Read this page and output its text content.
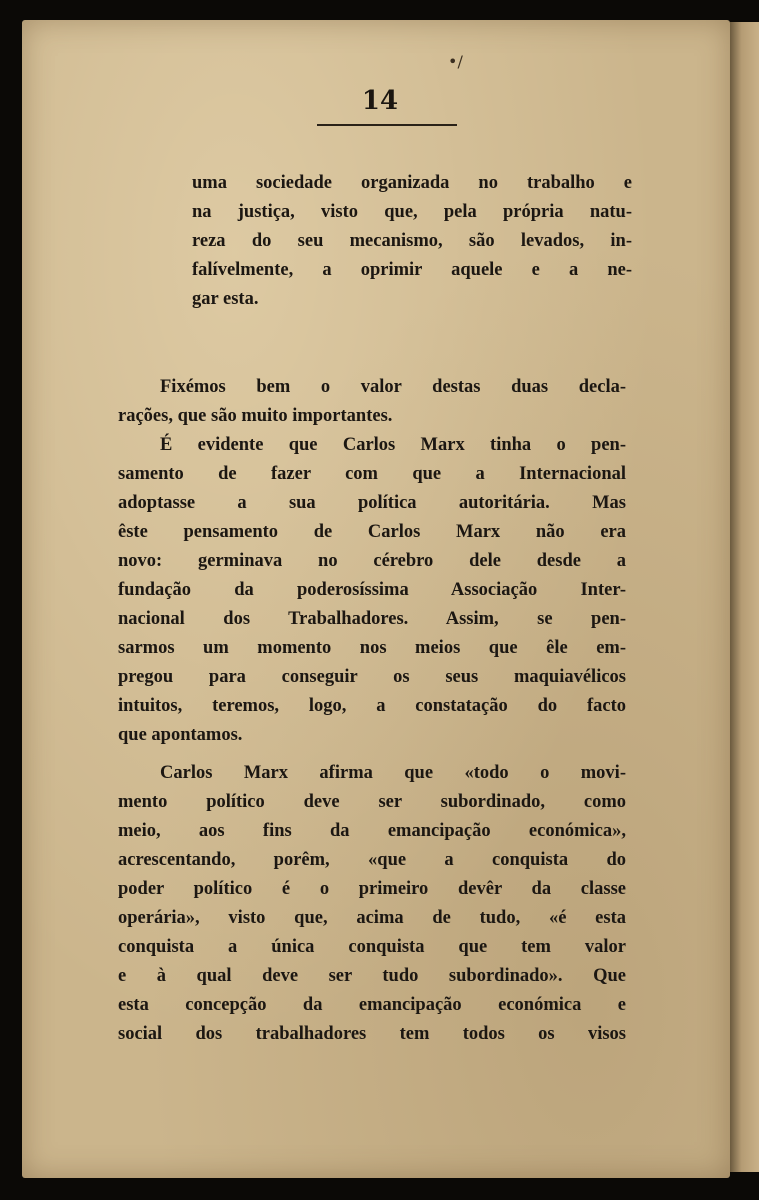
•/
14
uma sociedade organizada no trabalho e
na justiça, visto que, pela própria natu-
reza do seu mecanismo, são levados, in-
falívelmente, a oprimir aquele e a ne-
gar esta.
Fixémos bem o valor destas duas decla-
rações, que são muito importantes.
É evidente que Carlos Marx tinha o pen-
samento de fazer com que a Internacional
adoptasse a sua política autoritária. Mas
êste pensamento de Carlos Marx não era
novo: germinava no cérebro dele desde a
fundação da poderosíssima Associação Inter-
nacional dos Trabalhadores. Assim, se pen-
sarmos um momento nos meios que êle em-
pregou para conseguir os seus maquiavélicos
intuitos, teremos, logo, a constatação do facto
que apontamos.
Carlos Marx afirma que «todo o movi-
mento político deve ser subordinado, como
meio, aos fins da emancipação económica»,
acrescentando, porêm, «que a conquista do
poder político é o primeiro devêr da classe
operária», visto que, acima de tudo, «é esta
conquista a única conquista que tem valor
e à qual deve ser tudo subordinado». Que
esta concepção da emancipação económica e
social dos trabalhadores tem todos os visos
